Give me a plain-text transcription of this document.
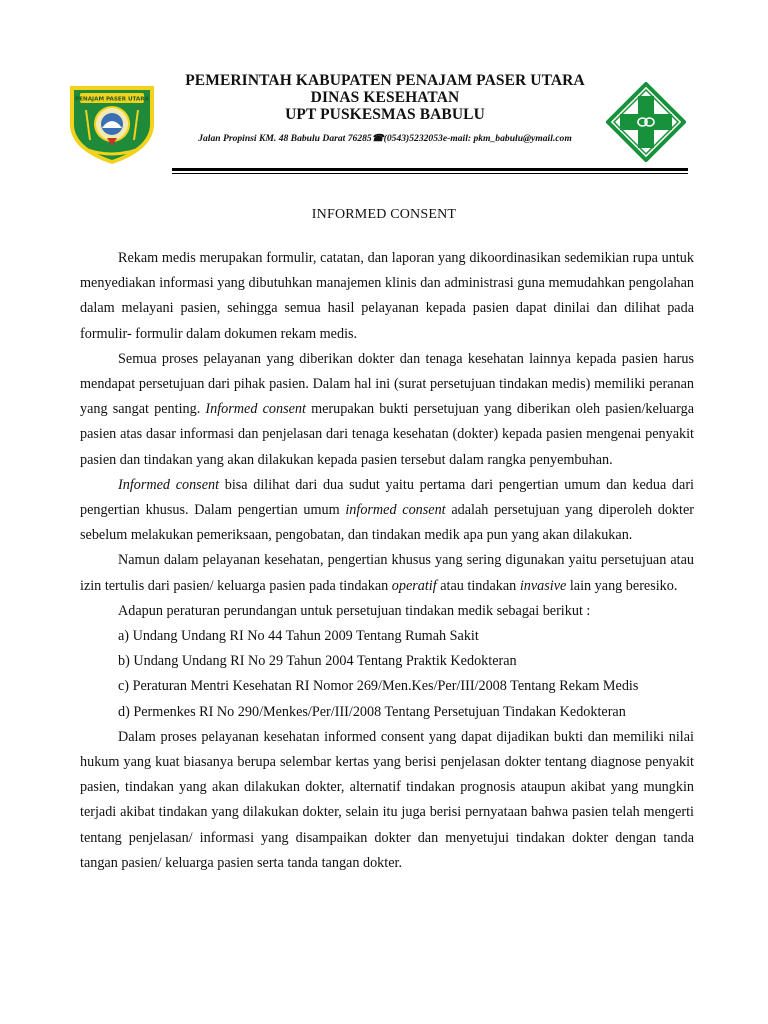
PENAJAM PASER UTARA
PEMERINTAH KABUPATEN PENAJAM PASER UTARA
DINAS KESEHATAN
UPT PUSKESMAS BABULU
Jalan Propinsi KM. 48 Babulu Darat 76285☎(0543)5232053e-mail: pkm_babulu@ymail.com
INFORMED CONSENT

Rekam medis merupakan formulir, catatan, dan laporan yang dikoordinasikan sedemikian rupa untuk menyediakan informasi yang dibutuhkan manajemen klinis dan administrasi guna memudahkan pengolahan dalam melayani pasien, sehingga semua hasil pelayanan kepada pasien dapat dinilai dan dilihat pada formulir- formulir dalam dokumen rekam medis.

Semua proses pelayanan yang diberikan dokter dan tenaga kesehatan lainnya kepada pasien harus mendapat persetujuan dari pihak pasien. Dalam hal ini (surat persetujuan tindakan medis) memiliki peranan yang sangat penting. Informed consent merupakan bukti persetujuan yang diberikan oleh pasien/keluarga pasien atas dasar informasi dan penjelasan dari tenaga kesehatan (dokter) kepada pasien mengenai penyakit pasien dan tindakan yang akan dilakukan kepada pasien tersebut dalam rangka penyembuhan.

Informed consent bisa dilihat dari dua sudut yaitu pertama dari pengertian umum dan kedua dari pengertian khusus. Dalam pengertian umum informed consent adalah persetujuan yang diperoleh dokter sebelum melakukan pemeriksaan, pengobatan, dan tindakan medik apa pun yang akan dilakukan.

Namun dalam pelayanan kesehatan, pengertian khusus yang sering digunakan yaitu persetujuan atau izin tertulis dari pasien/ keluarga pasien pada tindakan operatif atau tindakan invasive lain yang beresiko.

Adapun peraturan perundangan untuk persetujuan tindakan medik sebagai berikut :

a) Undang Undang RI No 44 Tahun 2009 Tentang Rumah Sakit
b) Undang Undang RI No 29 Tahun 2004 Tentang Praktik Kedokteran
c) Peraturan Mentri Kesehatan RI Nomor 269/Men.Kes/Per/III/2008 Tentang Rekam Medis
d) Permenkes RI No 290/Menkes/Per/III/2008 Tentang Persetujuan Tindakan Kedokteran

Dalam proses pelayanan kesehatan informed consent yang dapat dijadikan bukti dan memiliki nilai hukum yang kuat biasanya berupa selembar kertas yang berisi penjelasan dokter tentang diagnose penyakit pasien, tindakan yang akan dilakukan dokter, alternatif tindakan prognosis ataupun akibat yang mungkin terjadi akibat tindakan yang dilakukan dokter, selain itu juga berisi pernyataan bahwa pasien telah mengerti tentang penjelasan/ informasi yang disampaikan dokter dan menyetujui tindakan dokter dengan tanda tangan pasien/ keluarga pasien serta tanda tangan dokter.
